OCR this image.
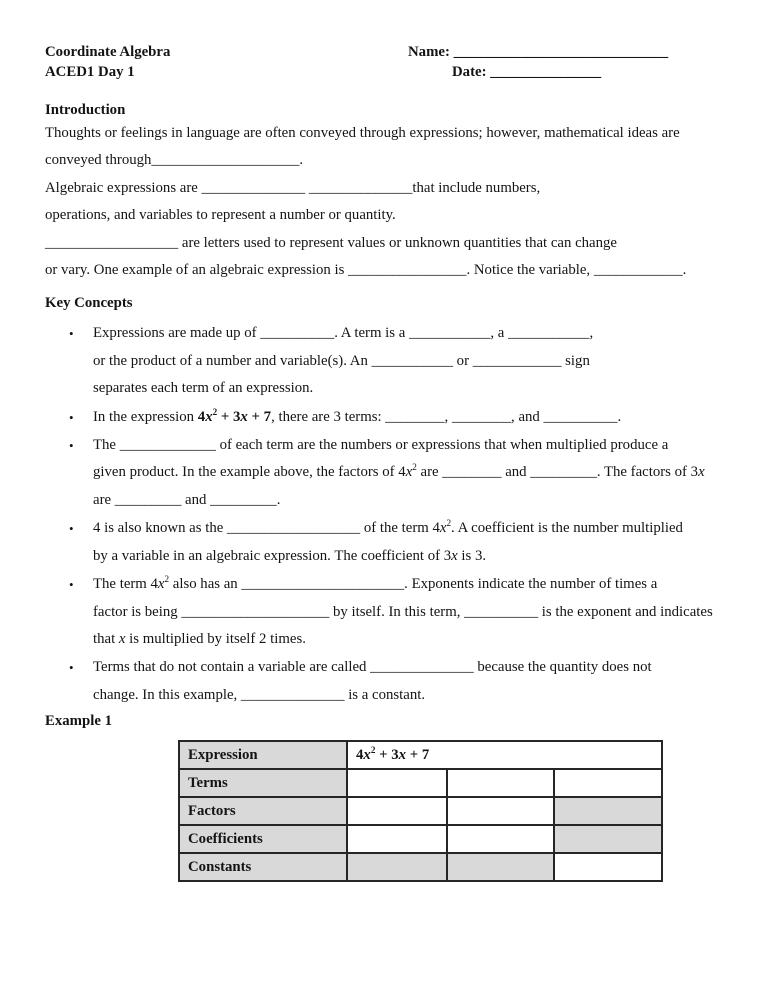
Coordinate Algebra
ACED1 Day 1
Name: _____________________________
Date: _______________
Introduction

Thoughts or feelings in language are often conveyed through expressions; however, mathematical ideas are
conveyed through____________________.

Algebraic expressions are ______________ ______________that include numbers,
operations, and variables to represent a number or quantity.

__________________ are letters used to represent values or unknown quantities that can change
or vary. One example of an algebraic expression is ________________. Notice the variable, ____________.

Key Concepts
• Expressions are made up of __________. A term is a ___________, a ___________,
or the product of a number and variable(s). An ___________ or ____________ sign
separates each term of an expression.
• In the expression $4x^2 + 3x + 7$, there are 3 terms: ________, ________, and __________.
• The _____________ of each term are the numbers or expressions that when multiplied produce a
given product. In the example above, the factors of $4x^2$ are ________ and _________. The factors of 3x
are _________ and _________.
• 4 is also known as the __________________ of the term $4x^2$. A coefficient is the number multiplied
by a variable in an algebraic expression. The coefficient of 3x is 3.
• The term $4x^2$ also has an ______________________. Exponents indicate the number of times a
factor is being ____________________ by itself. In this term, __________ is the exponent and indicates
that x is multiplied by itself 2 times.
• Terms that do not contain a variable are called ______________ because the quantity does not
change. In this example, ______________ is a constant.
Example 1
Expression	$4x^2 + 3x + 7$		
Terms			
Factors			
Coefficients			
Constants			
